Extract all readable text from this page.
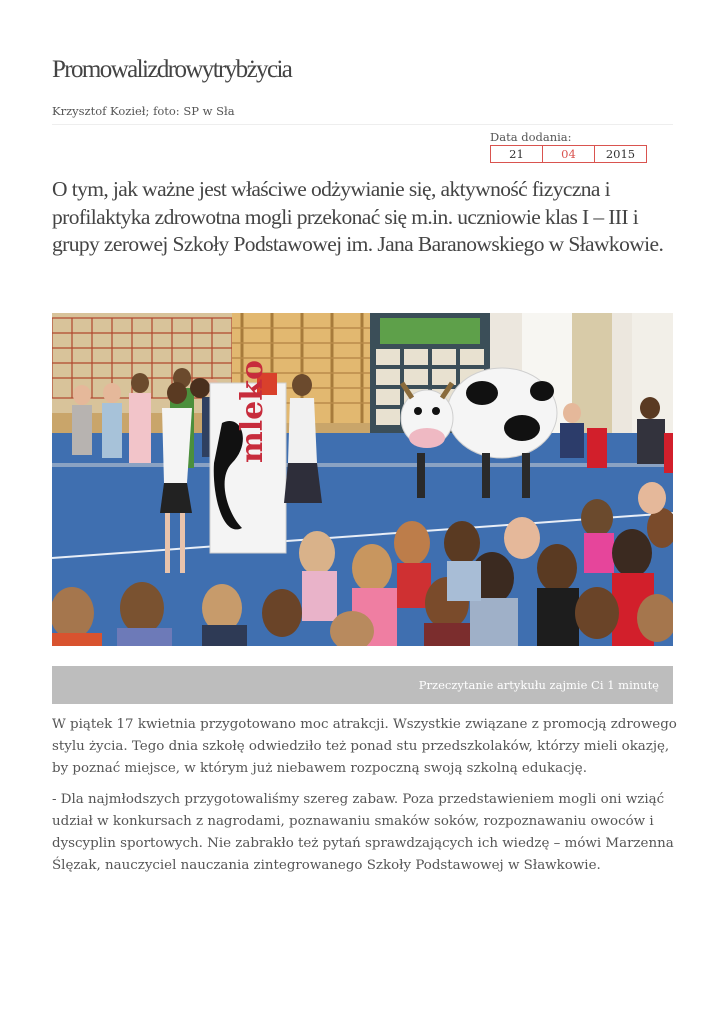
Promowalizdrowytrybżycia
Krzysztof Kozieł; foto: SP w Sła
Data dodania:
21	04	2015

O tym, jak ważne jest właściwe odżywianie się, aktywność fizyczna i profilaktyka zdrowotna mogli przekonać się m.in. uczniowie klas I – III i grupy zerowej Szkoły Podstawowej im. Jana Baranowskiego w Sławkowie.

mleko
Przeczytanie artykułu zajmie Ci 1 minutę

W piątek 17 kwietnia przygotowano moc atrakcji. Wszystkie związane z promocją zdrowego stylu życia. Tego dnia szkołę odwiedziło też ponad stu przedszkolaków, którzy mieli okazję, by poznać miejsce, w którym już niebawem rozpoczną swoją szkolną edukację.

- Dla najmłodszych przygotowaliśmy szereg zabaw. Poza przedstawieniem mogli oni wziąć udział w konkursach z nagrodami, poznawaniu smaków soków, rozpoznawaniu owoców i dyscyplin sportowych. Nie zabrakło też pytań sprawdzających ich wiedzę – mówi Marzenna Ślęzak, nauczyciel nauczania zintegrowanego Szkoły Podstawowej w Sławkowie.
